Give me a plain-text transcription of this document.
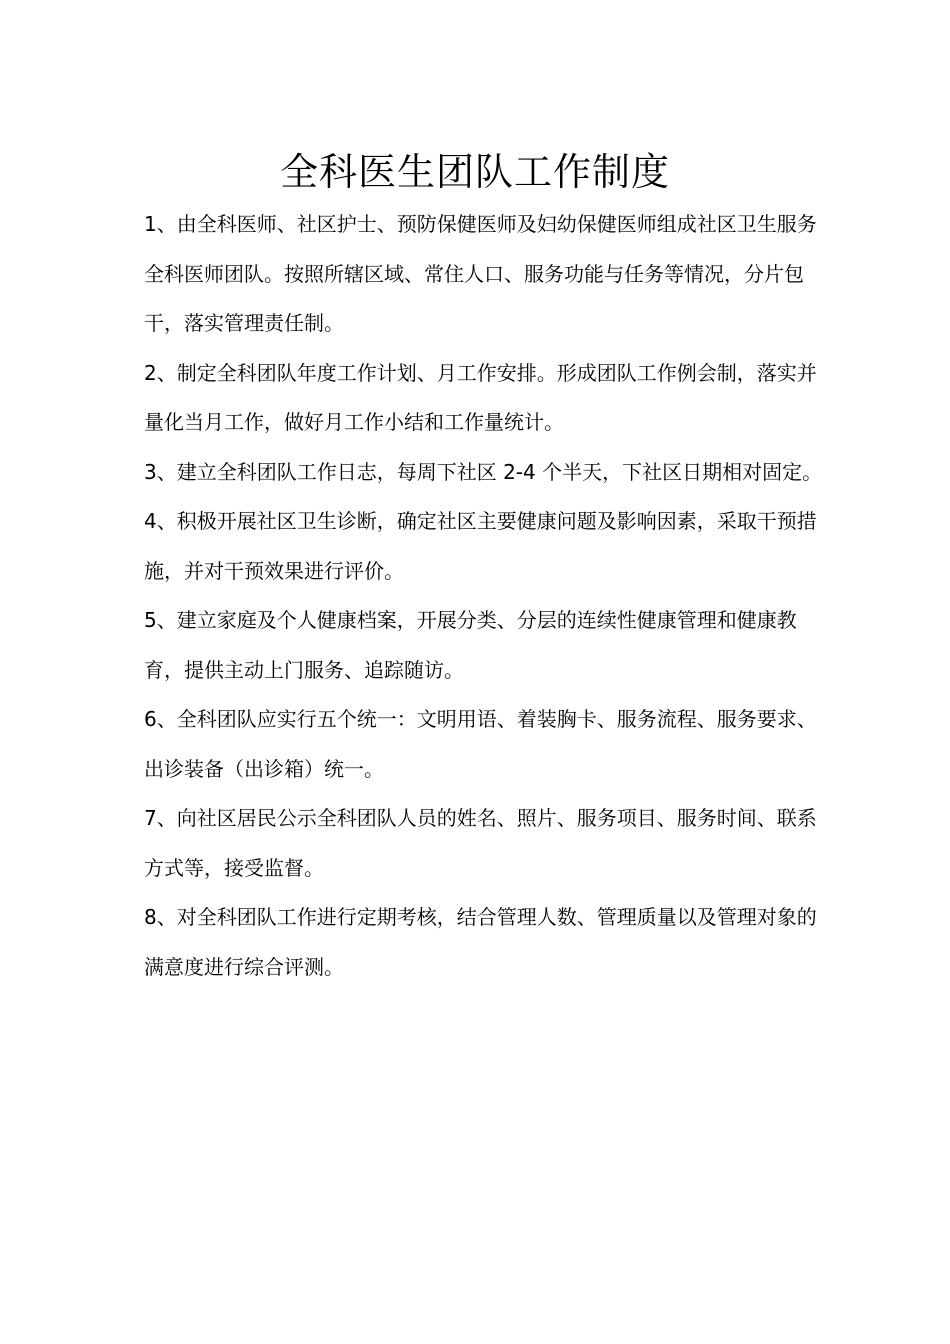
全科医生团队工作制度

1、由全科医师、社区护士、预防保健医师及妇幼保健医师组成社区卫生服务全科医师团队。按照所辖区域、常住人口、服务功能与任务等情况，分片包干，落实管理责任制。

2、制定全科团队年度工作计划、月工作安排。形成团队工作例会制，落实并量化当月工作，做好月工作小结和工作量统计。

3、建立全科团队工作日志，每周下社区 2-4 个半天，下社区日期相对固定。

4、积极开展社区卫生诊断，确定社区主要健康问题及影响因素，采取干预措施，并对干预效果进行评价。

5、建立家庭及个人健康档案，开展分类、分层的连续性健康管理和健康教育，提供主动上门服务、追踪随访。

6、全科团队应实行五个统一：文明用语、着装胸卡、服务流程、服务要求、出诊装备（出诊箱）统一。

7、向社区居民公示全科团队人员的姓名、照片、服务项目、服务时间、联系方式等，接受监督。

8、对全科团队工作进行定期考核，结合管理人数、管理质量以及管理对象的满意度进行综合评测。
